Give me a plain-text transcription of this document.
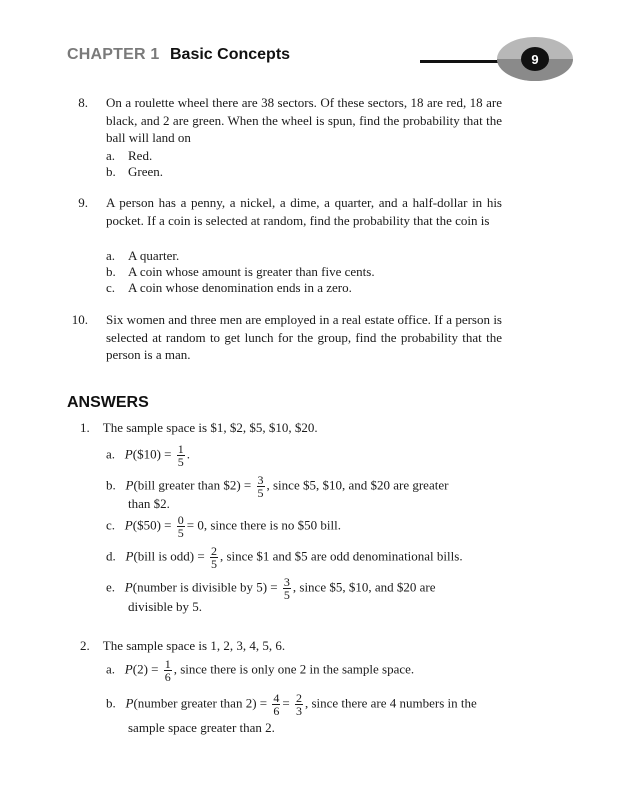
CHAPTER 1 Basic Concepts	9
8. On a roulette wheel there are 38 sectors. Of these sectors, 18 are red, 18 are black, and 2 are green. When the wheel is spun, find the probability that the ball will land on
a. Red.
b. Green.
9. A person has a penny, a nickel, a dime, a quarter, and a half-dollar in his pocket. If a coin is selected at random, find the probability that the coin is
a. A quarter.
b. A coin whose amount is greater than five cents.
c. A coin whose denomination ends in a zero.
10. Six women and three men are employed in a real estate office. If a person is selected at random to get lunch for the group, find the probability that the person is a man.
ANSWERS
1. The sample space is $1, $2, $5, $10, $20.
a. P($10) = $\frac{1}{5}$ .
b. P(bill greater than $2) = $\frac{3}{5}$ , since $5, $10, and $20 are greater
than $2.
c. P($50) = $\frac{0}{5} = 0$, since there is no $50 bill.
d. P(bill is $odd) = \frac{2}{5}$ , since $1 and $5 are odd denominational bills.
e. P(number is divisible by $5) = \frac{3}{5}$ , since $5, $10, and $20 are
divisible by 5.
2. The sample space is 1, 2, 3, 4, 5, 6.
a. $P(2) = \frac{1}{6}$ , since there is only one 2 in the sample space.
b. P(number greater than $2) = \frac{4}{6} = \frac{2}{3}$ , since there are 4 numbers in the
sample space greater than 2.
